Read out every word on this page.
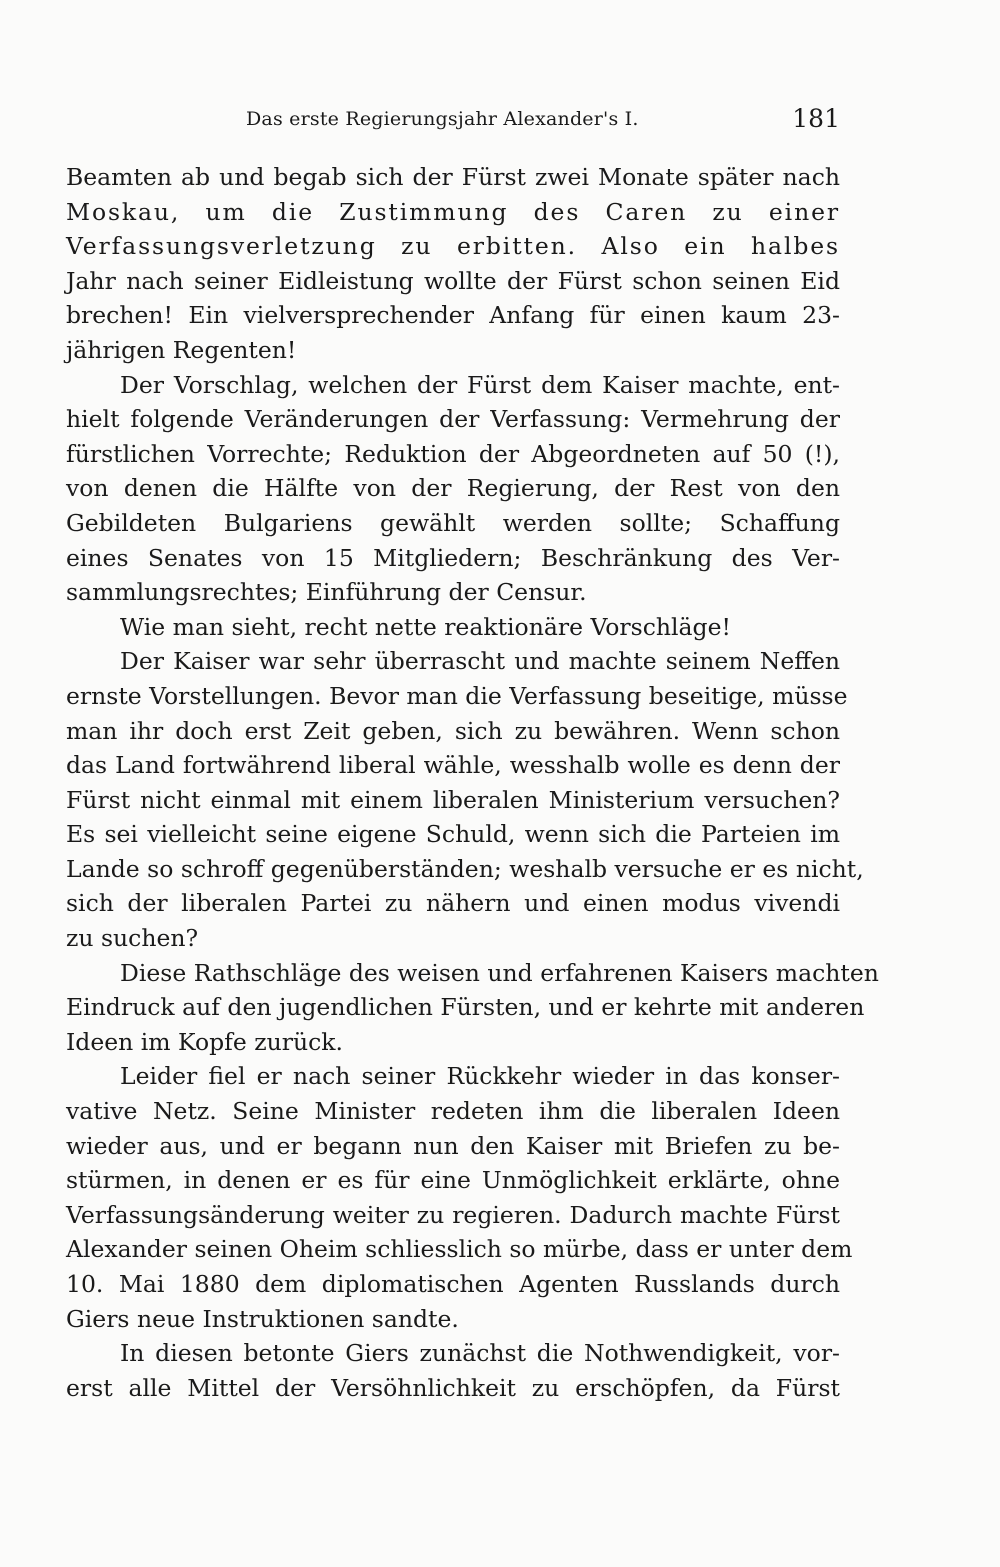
Das erste Regierungsjahr Alexander's I.	181
Beamten ab und begab sich der Fürst zwei Monate später nach
Moskau, um die Zustimmung des Caren zu einer
Verfassungsverletzung zu erbitten. Also ein halbes
Jahr nach seiner Eidleistung wollte der Fürst schon seinen Eid
brechen! Ein vielversprechender Anfang für einen kaum 23-
jährigen Regenten!
Der Vorschlag, welchen der Fürst dem Kaiser machte, ent-
hielt folgende Veränderungen der Verfassung: Vermehrung der
fürstlichen Vorrechte; Reduktion der Abgeordneten auf 50 (!),
von denen die Hälfte von der Regierung, der Rest von den
Gebildeten Bulgariens gewählt werden sollte; Schaffung
eines Senates von 15 Mitgliedern; Beschränkung des Ver-
sammlungsrechtes; Einführung der Censur.
Wie man sieht, recht nette reaktionäre Vorschläge!
Der Kaiser war sehr überrascht und machte seinem Neffen
ernste Vorstellungen. Bevor man die Verfassung beseitige, müsse
man ihr doch erst Zeit geben, sich zu bewähren. Wenn schon
das Land fortwährend liberal wähle, wesshalb wolle es denn der
Fürst nicht einmal mit einem liberalen Ministerium versuchen?
Es sei vielleicht seine eigene Schuld, wenn sich die Parteien im
Lande so schroff gegenüberständen; weshalb versuche er es nicht,
sich der liberalen Partei zu nähern und einen modus vivendi
zu suchen?
Diese Rathschläge des weisen und erfahrenen Kaisers machten
Eindruck auf den jugendlichen Fürsten, und er kehrte mit anderen
Ideen im Kopfe zurück.
Leider fiel er nach seiner Rückkehr wieder in das konser-
vative Netz. Seine Minister redeten ihm die liberalen Ideen
wieder aus, und er begann nun den Kaiser mit Briefen zu be-
stürmen, in denen er es für eine Unmöglichkeit erklärte, ohne
Verfassungsänderung weiter zu regieren. Dadurch machte Fürst
Alexander seinen Oheim schliesslich so mürbe, dass er unter dem
10. Mai 1880 dem diplomatischen Agenten Russlands durch
Giers neue Instruktionen sandte.
In diesen betonte Giers zunächst die Nothwendigkeit, vor-
erst alle Mittel der Versöhnlichkeit zu erschöpfen, da Fürst
